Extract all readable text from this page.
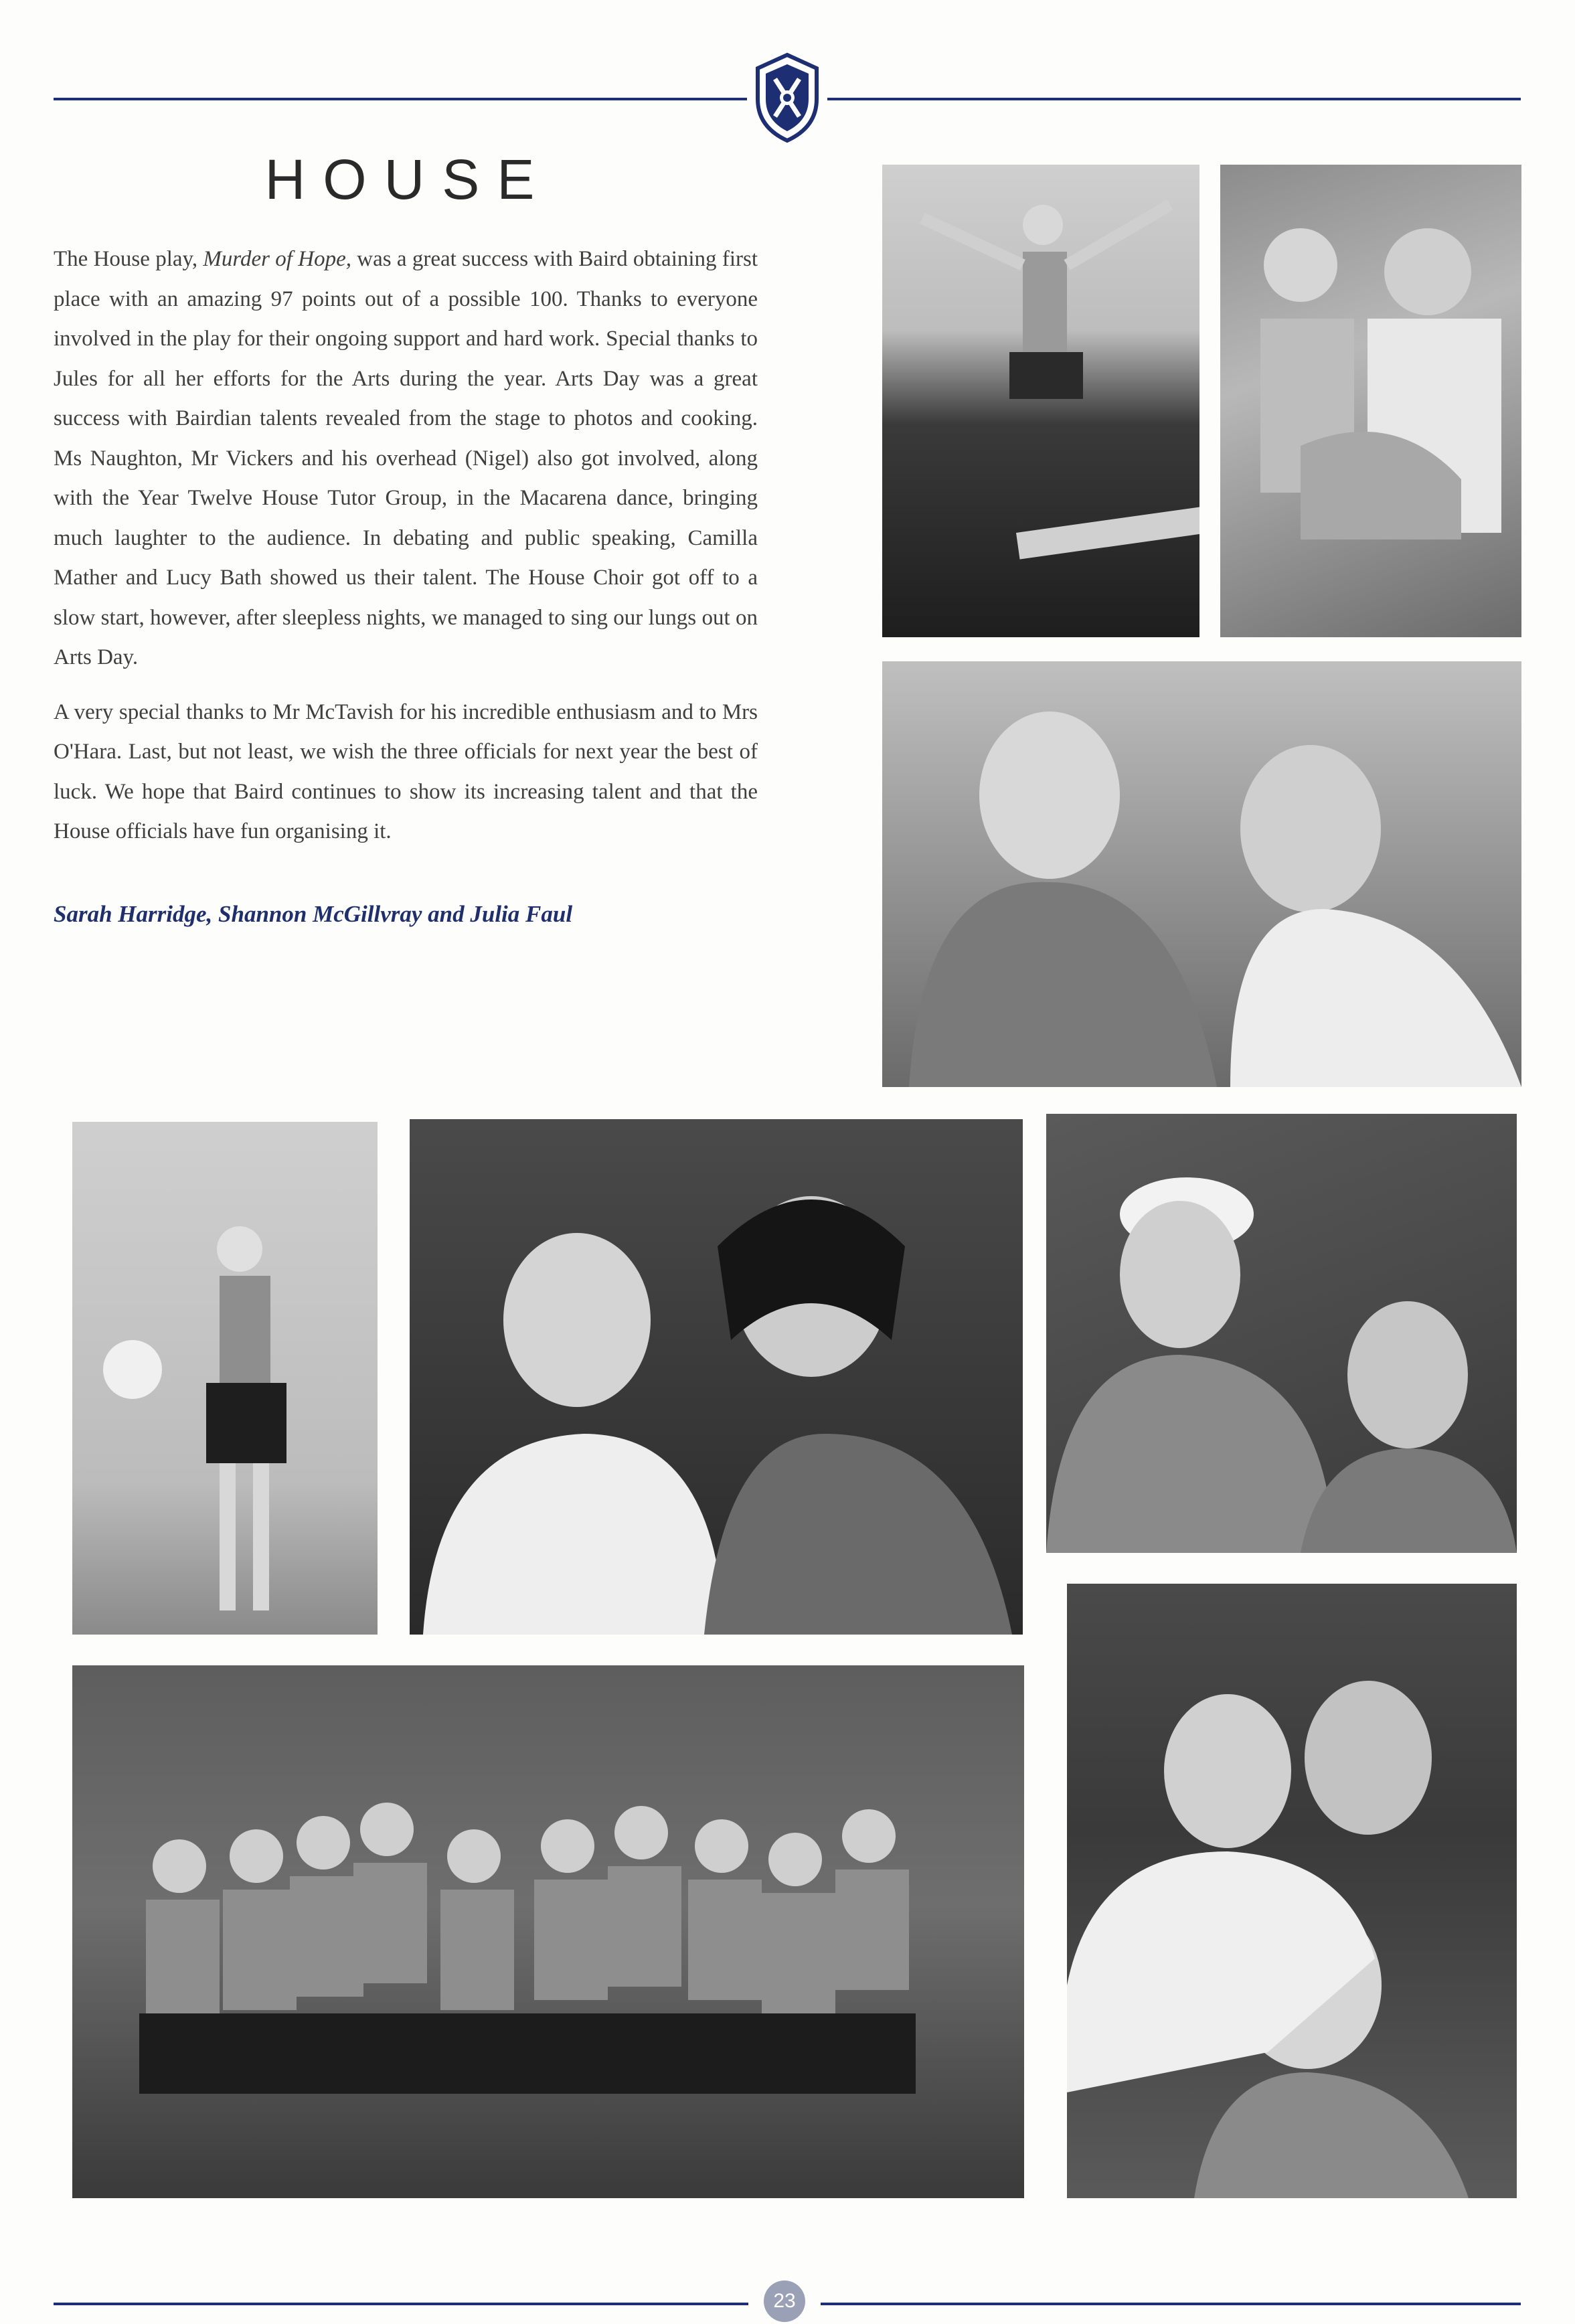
HOUSE

The House play, Murder of Hope, was a great success with Baird obtaining first place with an amazing 97 points out of a possible 100. Thanks to everyone involved in the play for their ongoing support and hard work. Special thanks to Jules for all her efforts for the Arts during the year. Arts Day was a great success with Bairdian talents revealed from the stage to photos and cooking. Ms Naughton, Mr Vickers and his overhead (Nigel) also got involved, along with the Year Twelve House Tutor Group, in the Macarena dance, bringing much laughter to the audience. In debating and public speaking, Camilla Mather and Lucy Bath showed us their talent. The House Choir got off to a slow start, however, after sleepless nights, we managed to sing our lungs out on Arts Day.

A very special thanks to Mr McTavish for his incredible enthusiasm and to Mrs O'Hara. Last, but not least, we wish the three officials for next year the best of luck. We hope that Baird continues to show its increasing talent and that the House officials have fun organising it.

Sarah Harridge, Shannon McGillvray and Julia Faul
23
